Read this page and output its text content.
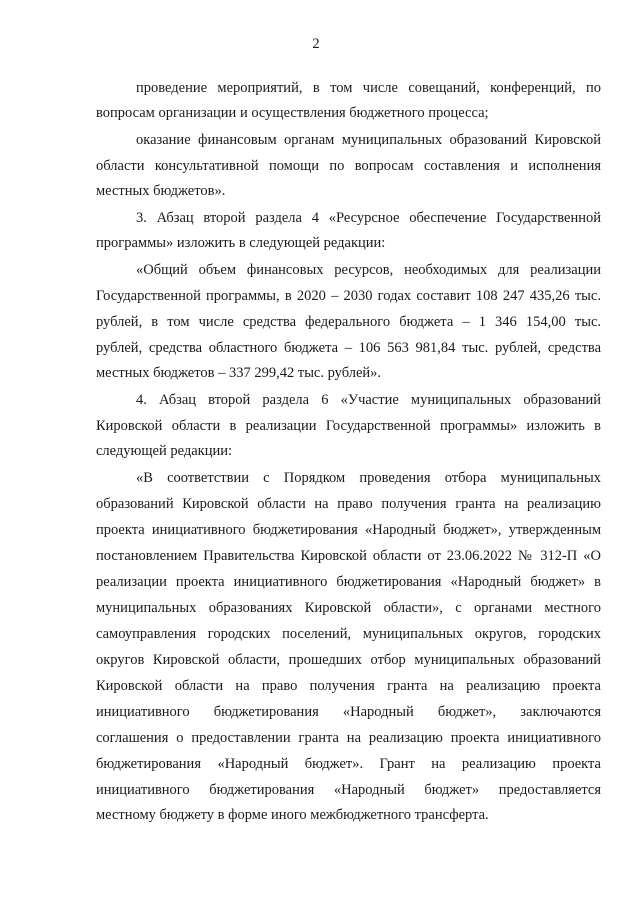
2

проведение мероприятий, в том числе совещаний, конференций, по

вопросам организации и осуществления бюджетного процесса;

оказание финансовым органам муниципальных образований Кировской

области консультативной помощи по вопросам составления и исполнения

местных бюджетов».

3. Абзац второй раздела 4 «Ресурсное обеспечение Государственной

программы» изложить в следующей редакции:

«Общий объем финансовых ресурсов, необходимых для реализации

Государственной программы, в 2020 – 2030 годах составит 108 247 435,26 тыс.

рублей, в том числе средства федерального бюджета – 1 346 154,00 тыс.

рублей, средства областного бюджета – 106 563 981,84 тыс. рублей, средства

местных бюджетов – 337 299,42 тыс. рублей».

4. Абзац второй раздела 6 «Участие муниципальных образований

Кировской области в реализации Государственной программы» изложить в

следующей редакции:

«В соответствии с Порядком проведения отбора муниципальных

образований Кировской области на право получения гранта на реализацию

проекта инициативного бюджетирования «Народный бюджет», утвержденным

постановлением Правительства Кировской области от 23.06.2022 № 312-П «О

реализации проекта инициативного бюджетирования «Народный бюджет» в

муниципальных образованиях Кировской области», с органами местного

самоуправления городских поселений, муниципальных округов, городских

округов Кировской области, прошедших отбор муниципальных образований

Кировской области на право получения гранта на реализацию проекта

инициативного бюджетирования «Народный бюджет», заключаются

соглашения о предоставлении гранта на реализацию проекта инициативного

бюджетирования «Народный бюджет». Грант на реализацию проекта

инициативного бюджетирования «Народный бюджет» предоставляется

местному бюджету в форме иного межбюджетного трансферта.
